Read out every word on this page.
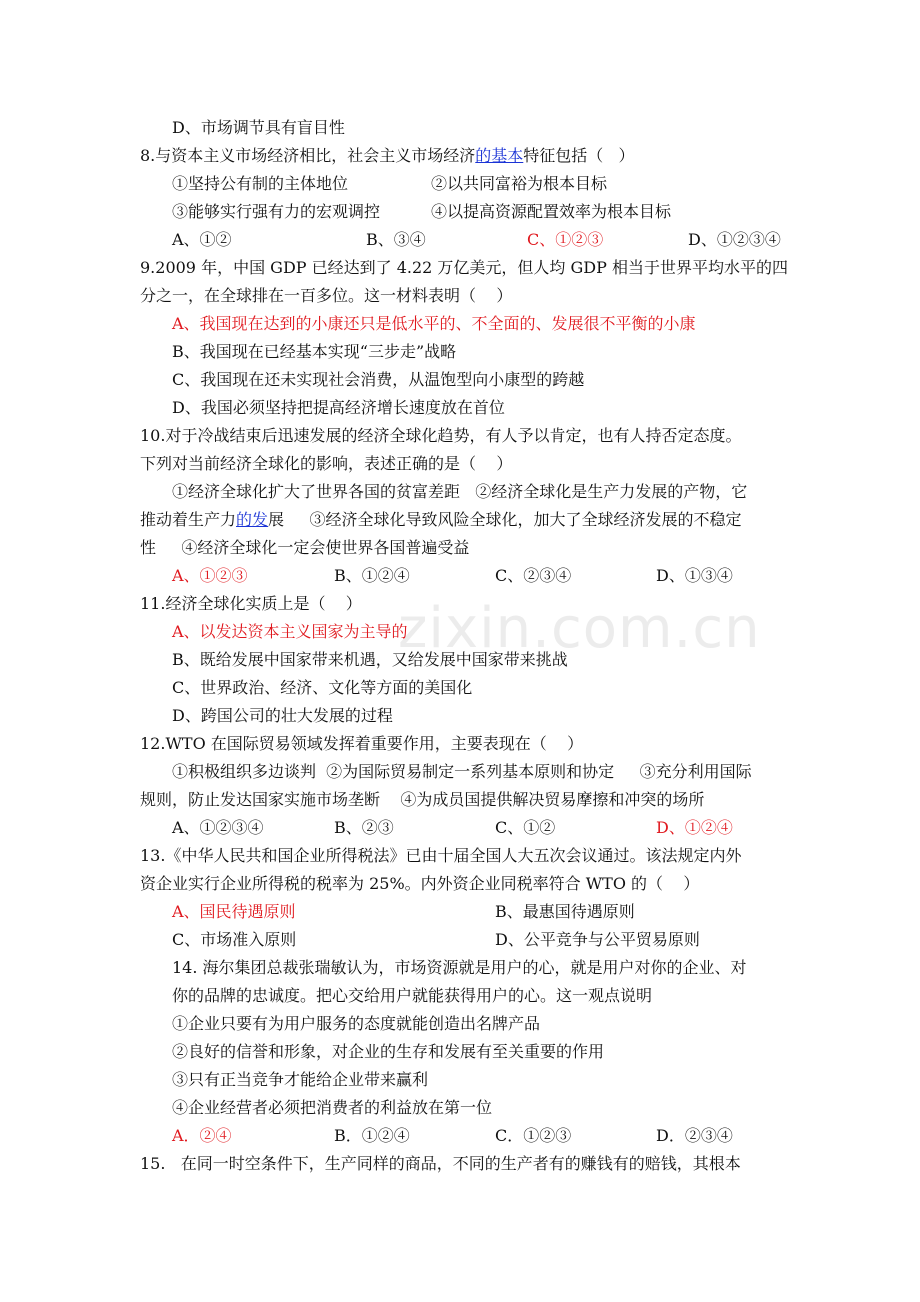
zixin.com.cn
D、市场调节具有盲目性
8.与资本主义市场经济相比，社会主义市场经济的基本特征包括（   ）
①坚持公有制的主体地位	②以共同富裕为根本目标
③能够实行强有力的宏观调控	④以提高资源配置效率为根本目标
A、①②	B、③④	C、①②③	D、①②③④
9.2009 年，中国 GDP 已经达到了 4.22 万亿美元，但人均 GDP 相当于世界平均水平的四
分之一，在全球排在一百多位。这一材料表明（    ）
A、我国现在达到的小康还只是低水平的、不全面的、发展很不平衡的小康
B、我国现在已经基本实现“三步走”战略
C、我国现在还未实现社会消费，从温饱型向小康型的跨越
D、我国必须坚持把提高经济增长速度放在首位
10.对于冷战结束后迅速发展的经济全球化趋势，有人予以肯定，也有人持否定态度。
下列对当前经济全球化的影响，表述正确的是（    ）
①经济全球化扩大了世界各国的贫富差距   ②经济全球化是生产力发展的产物，它
推动着生产力的发展     ③经济全球化导致风险全球化，加大了全球经济发展的不稳定
性     ④经济全球化一定会使世界各国普遍受益
A、①②③	B、①②④	C、②③④	D、①③④
11.经济全球化实质上是（    ）
A、以发达资本主义国家为主导的
B、既给发展中国家带来机遇，又给发展中国家带来挑战
C、世界政治、经济、文化等方面的美国化
D、跨国公司的壮大发展的过程
12.WTO 在国际贸易领域发挥着重要作用，主要表现在（    ）
①积极组织多边谈判  ②为国际贸易制定一系列基本原则和协定     ③充分利用国际
规则，防止发达国家实施市场垄断    ④为成员国提供解决贸易摩擦和冲突的场所
A、①②③④	B、②③	C、①②	D、①②④
13.《中华人民共和国企业所得税法》已由十届全国人大五次会议通过。该法规定内外
资企业实行企业所得税的税率为 25%。内外资企业同税率符合 WTO 的（    ）
A、国民待遇原则	B、最惠国待遇原则
C、市场准入原则	D、公平竞争与公平贸易原则
14. 海尔集团总裁张瑞敏认为，市场资源就是用户的心，就是用户对你的企业、对
你的品牌的忠诚度。把心交给用户就能获得用户的心。这一观点说明
①企业只要有为用户服务的态度就能创造出名牌产品
②良好的信誉和形象，对企业的生存和发展有至关重要的作用
③只有正当竞争才能给企业带来赢利
④企业经营者必须把消费者的利益放在第一位
A．②④	B．①②④	C．①②③	D．②③④
15.   在同一时空条件下，生产同样的商品，不同的生产者有的赚钱有的赔钱，其根本
